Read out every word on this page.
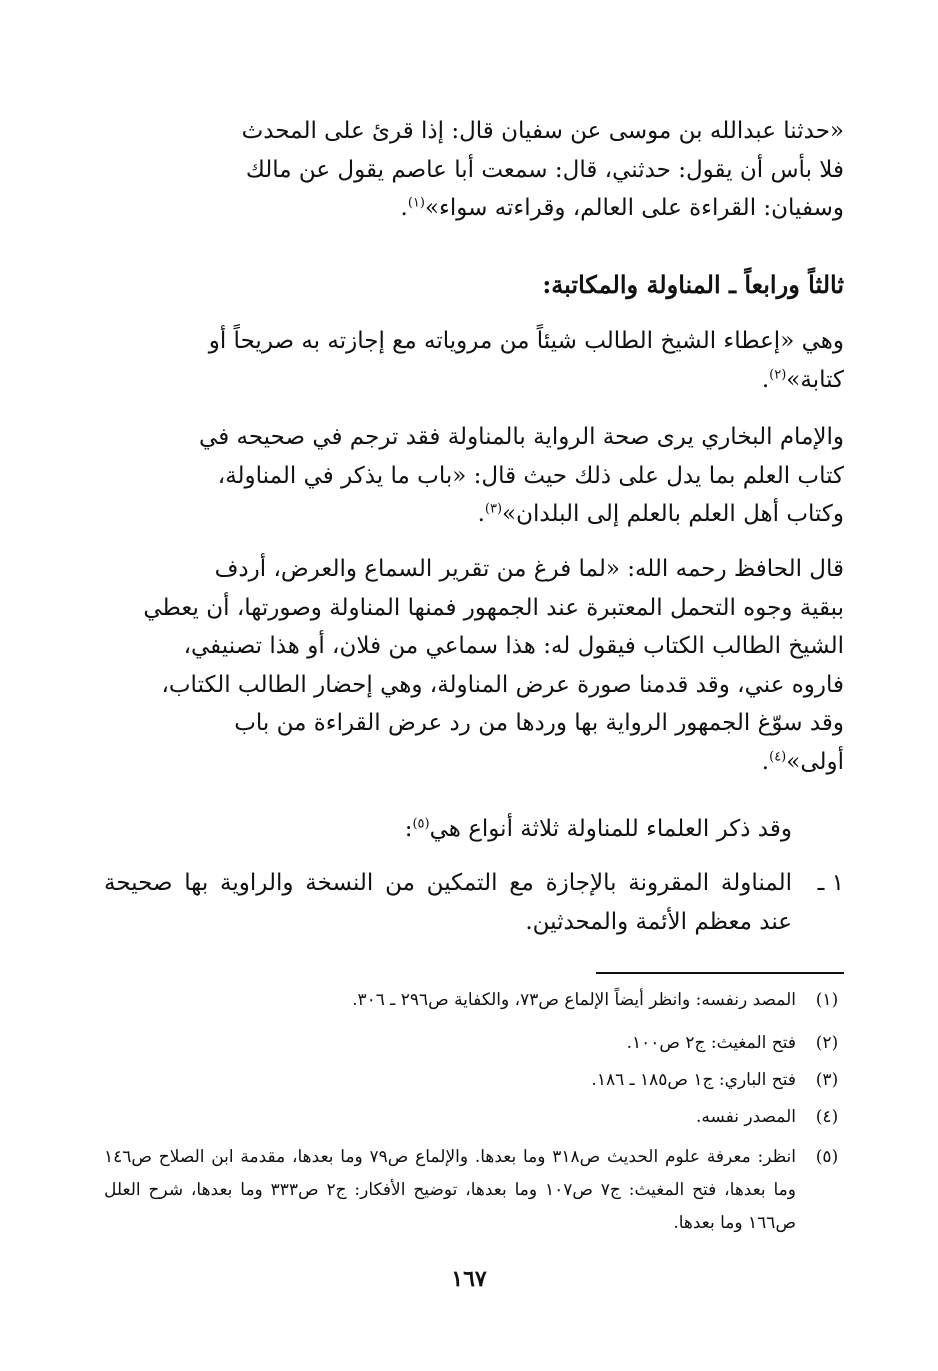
«حدثنا عبدالله بن موسى عن سفيان قال: إذا قرئ على المحدث
فلا بأس أن يقول: حدثني، قال: سمعت أبا عاصم يقول عن مالك
وسفيان: القراءة على العالم، وقراءته سواء»$^{(١)}$.
ثالثاً ورابعاً ـ المناولة والمكاتبة:
وهي «إعطاء الشيخ الطالب شيئاً من مروياته مع إجازته به صريحاً أو
كتابة»$^{(٢)}$.
والإمام البخاري يرى صحة الرواية بالمناولة فقد ترجم في صحيحه في
كتاب العلم بما يدل على ذلك حيث قال: «باب ما يذكر في المناولة،
وكتاب أهل العلم بالعلم إلى البلدان»$^{(٣)}$.
قال الحافظ رحمه الله: «لما فرغ من تقرير السماع والعرض، أردف
ببقية وجوه التحمل المعتبرة عند الجمهور فمنها المناولة وصورتها، أن يعطي
الشيخ الطالب الكتاب فيقول له: هذا سماعي من فلان، أو هذا تصنيفي،
فاروه عني، وقد قدمنا صورة عرض المناولة، وهي إحضار الطالب الكتاب،
وقد سوّغ الجمهور الرواية بها وردها من رد عرض القراءة من باب
أولى»$^{(٤)}$.
وقد ذكر العلماء للمناولة ثلاثة أنواع هي$^{(٥)}$:
١ ـ
المناولة المقرونة بالإجازة مع التمكين من النسخة والراوية بها صحيحة
عند معظم الأئمة والمحدثين.
(١)
المصد رنفسه: وانظر أيضاً الإلماع ص٧٣، والكفاية ص٢٩٦ ـ ٣٠٦.
(٢)
فتح المغيث: ج٢ ص١٠٠.
(٣)
فتح الباري: ج١ ص١٨٥ ـ ١٨٦.
(٤)
المصدر نفسه.
(٥)
انظر: معرفة علوم الحديث ص٣١٨ وما بعدها. والإلماع ص٧٩ وما بعدها، مقدمة ابن الصلاح ص١٤٦ وما بعدها، فتح المغيث: ج٧ ص١٠٧ وما بعدها، توضيح الأفكار: ج٢ ص٣٣٣ وما بعدها، شرح العلل ص١٦٦ وما بعدها.
١٦٧
